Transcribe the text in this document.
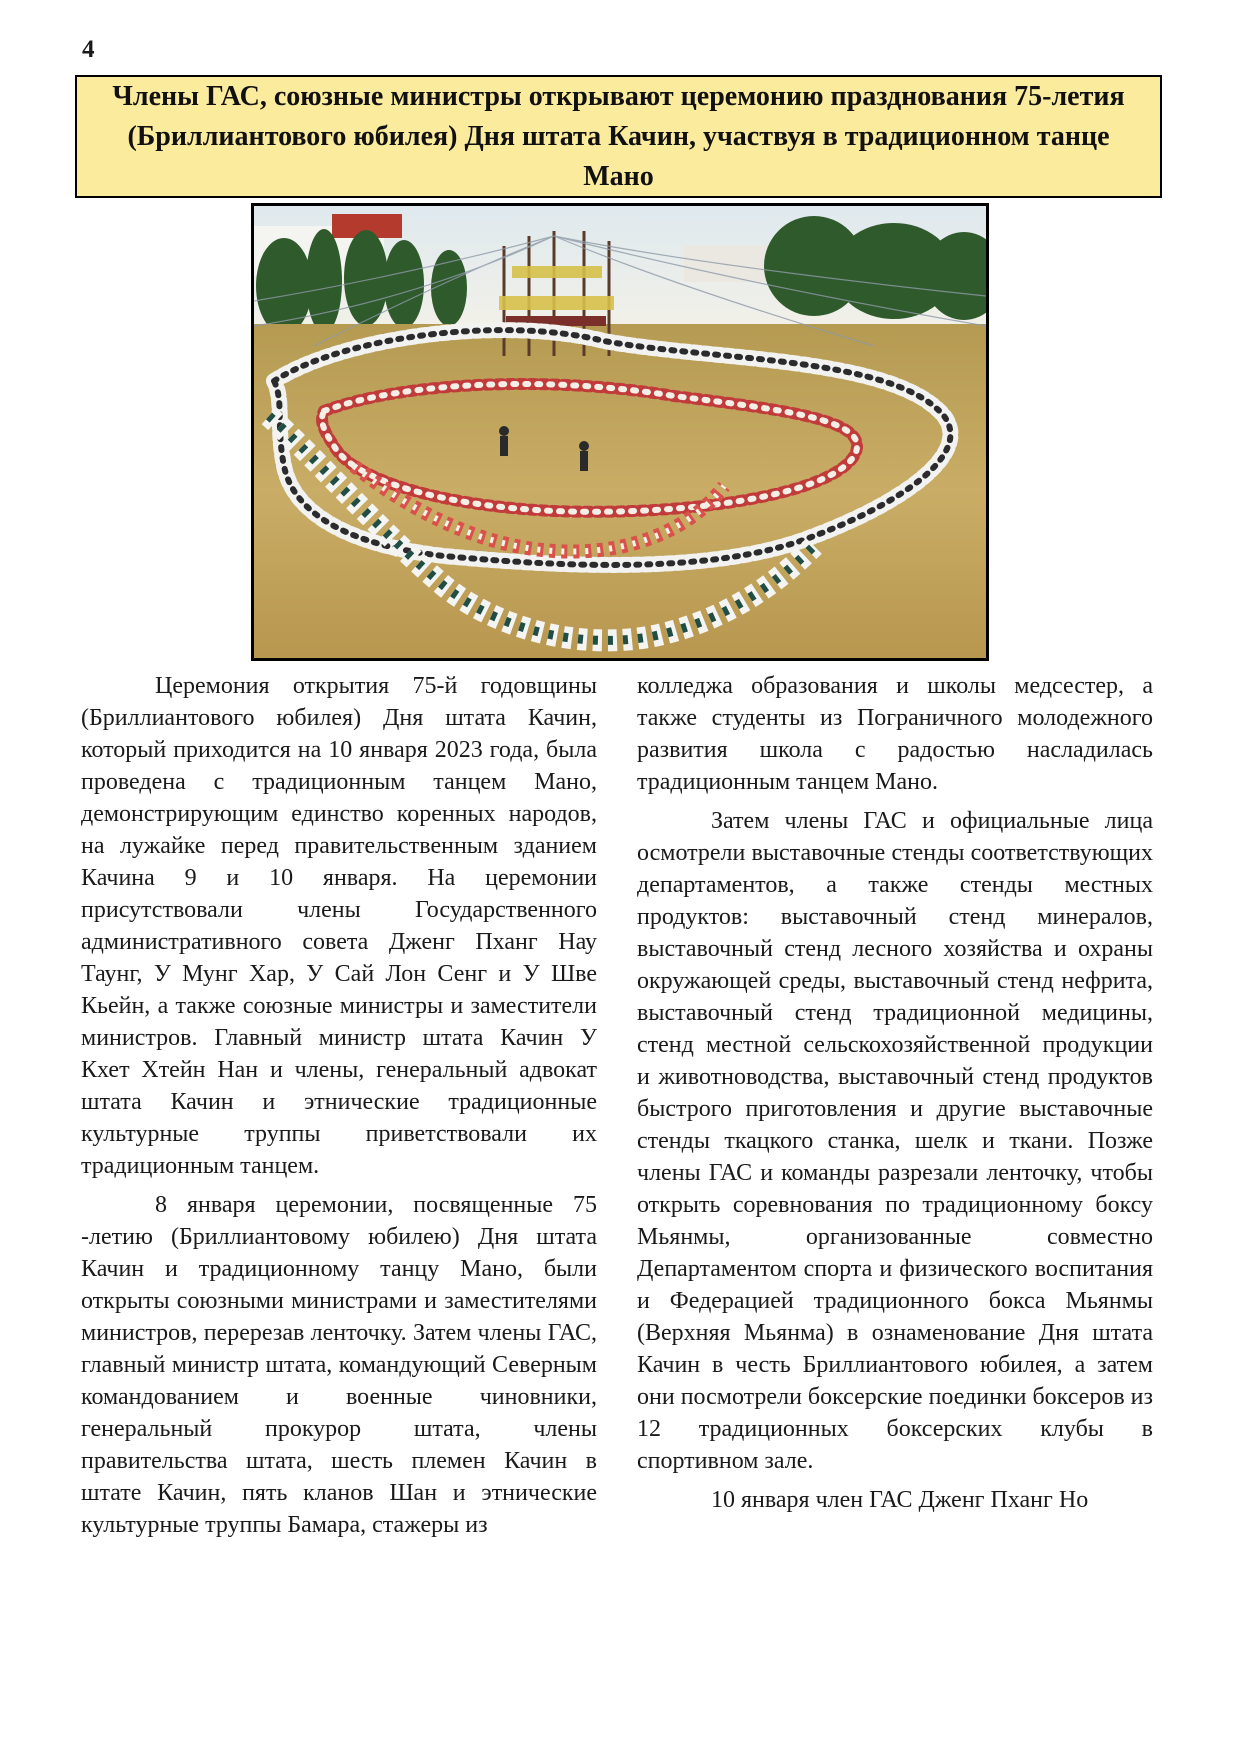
4
Члены ГАС, союзные министры открывают церемонию празднования 75-летия (Бриллиантового юбилея) Дня штата Качин, участвуя в традиционном танце Мано

Церемония открытия 75-й годовщины (Бриллиантового юбилея) Дня штата Качин, который приходится на 10 января 2023 года, была проведена с традиционным танцем Мано, демонстрирующим единство коренных народов, на лужайке перед правительственным зданием Качина 9 и 10 января. На церемонии присутствовали члены Государственного административного совета Дженг Пханг Нау Таунг, У Мунг Хар, У Сай Лон Сенг и У Шве Кьейн, а также союзные министры и заместители министров. Главный министр штата Качин У Кхет Хтейн Нан и члены, генеральный адвокат штата Качин и этнические традиционные культурные труппы приветствовали их традиционным танцем.

8 января церемонии, посвященные 75 -летию (Бриллиантовому юбилею) Дня штата Качин и традиционному танцу Мано, были открыты союзными министрами и заместителями министров, перерезав ленточку. Затем члены ГАС, главный министр штата, командующий Северным командованием и военные чиновники, генеральный прокурор штата, члены правительства штата, шесть племен Качин в штате Качин, пять кланов Шан и этнические культурные труппы Бамара, стажеры из

колледжа образования и школы медсестер, а также студенты из Пограничного молодежного развития школа с радостью насладилась традиционным танцем Мано.

Затем члены ГАС и официальные лица осмотрели выставочные стенды соответствующих департаментов, а также стенды местных продуктов: выставочный стенд минералов, выставочный стенд лесного хозяйства и охраны окружающей среды, выставочный стенд нефрита, выставочный стенд традиционной медицины, стенд местной сельскохозяйственной продукции и животноводства, выставочный стенд продуктов быстрого приготовления и другие выставочные стенды ткацкого станка, шелк и ткани. Позже члены ГАС и команды разрезали ленточку, чтобы открыть соревнования по традиционному боксу Мьянмы, организованные совместно Департаментом спорта и физического воспитания и Федерацией традиционного бокса Мьянмы (Верхняя Мьянма) в ознаменование Дня штата Качин в честь Бриллиантового юбилея, а затем они посмотрели боксерские поединки боксеров из 12 традиционных боксерских клубы в спортивном зале.

10 января член ГАС Дженг Пханг Но
